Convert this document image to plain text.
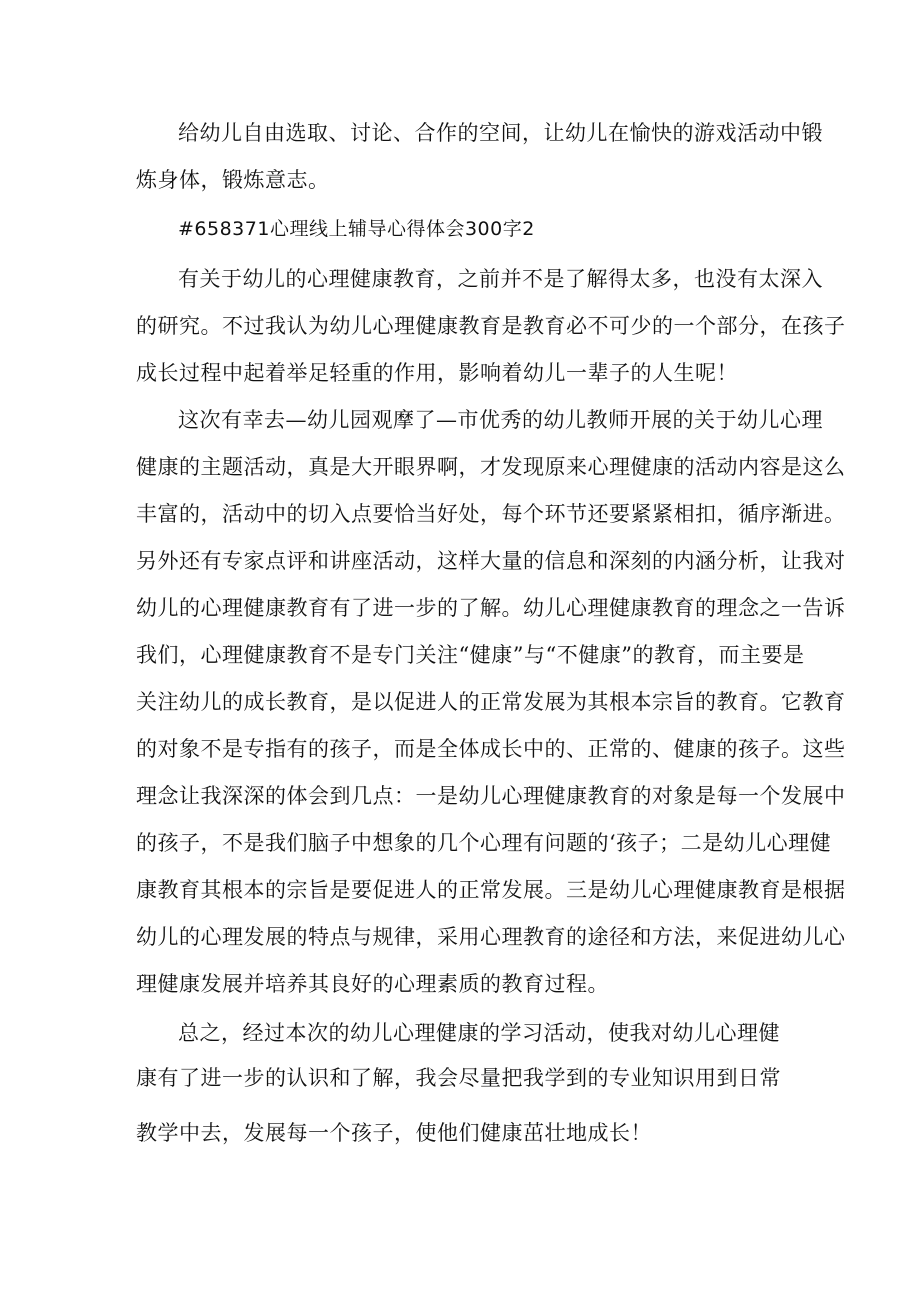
给幼儿自由选取、讨论、合作的空间，让幼儿在愉快的游戏活动中锻
炼身体，锻炼意志。
#658371心理线上辅导心得体会300字2
有关于幼儿的心理健康教育，之前并不是了解得太多，也没有太深入
的研究。不过我认为幼儿心理健康教育是教育必不可少的一个部分，在孩子
成长过程中起着举足轻重的作用，影响着幼儿一辈子的人生呢！
这次有幸去—幼儿园观摩了—市优秀的幼儿教师开展的关于幼儿心理
健康的主题活动，真是大开眼界啊，才发现原来心理健康的活动内容是这么
丰富的，活动中的切入点要恰当好处，每个环节还要紧紧相扣，循序渐进。
另外还有专家点评和讲座活动，这样大量的信息和深刻的内涵分析，让我对
幼儿的心理健康教育有了进一步的了解。幼儿心理健康教育的理念之一告诉
我们，心理健康教育不是专门关注“健康”与“不健康”的教育，而主要是
关注幼儿的成长教育，是以促进人的正常发展为其根本宗旨的教育。它教育
的对象不是专指有的孩子，而是全体成长中的、正常的、健康的孩子。这些
理念让我深深的体会到几点：一是幼儿心理健康教育的对象是每一个发展中
的孩子，不是我们脑子中想象的几个心理有问题的‘孩子；二是幼儿心理健
康教育其根本的宗旨是要促进人的正常发展。三是幼儿心理健康教育是根据
幼儿的心理发展的特点与规律，采用心理教育的途径和方法，来促进幼儿心
理健康发展并培养其良好的心理素质的教育过程。
总之，经过本次的幼儿心理健康的学习活动，使我对幼儿心理健
康有了进一步的认识和了解，我会尽量把我学到的专业知识用到日常
教学中去，发展每一个孩子，使他们健康茁壮地成长！
